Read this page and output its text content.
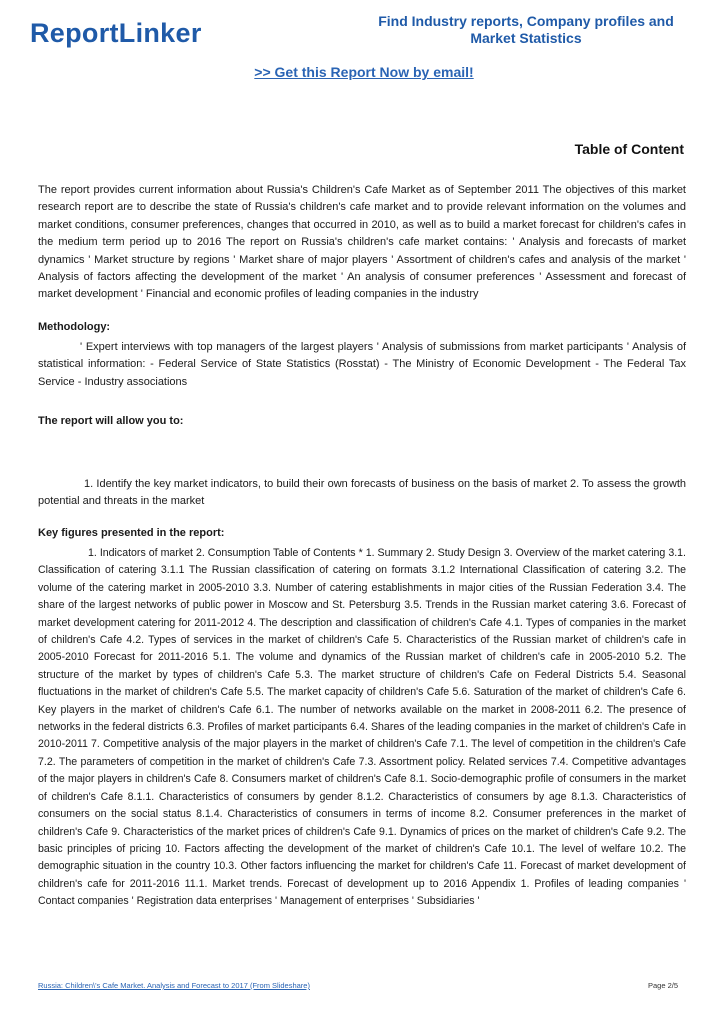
ReportLinker	Find Industry reports, Company profiles and Market Statistics
>> Get this Report Now by email!
Table of Content
The report provides current information about Russia's Children's Cafe Market as of September 2011 The objectives of this market research report are to describe the state of Russia's children's cafe market and to provide relevant information on the volumes and market conditions, consumer preferences, changes that occurred in 2010, as well as to build a market forecast for children's cafes in the medium term period up to 2016 The report on Russia's children's cafe market contains: ' Analysis and forecasts of market dynamics ' Market structure by regions ' Market share of major players ' Assortment of children's cafes and analysis of the market ' Analysis of factors affecting the development of the market ' An analysis of consumer preferences ' Assessment and forecast of market development ' Financial and economic profiles of leading companies in the industry
Methodology:
' Expert interviews with top managers of the largest players ' Analysis of submissions from market participants ' Analysis of statistical information: - Federal Service of State Statistics (Rosstat) - The Ministry of Economic Development - The Federal Tax Service - Industry associations
The report will allow you to:
1. Identify the key market indicators, to build their own forecasts of business on the basis of market 2. To assess the growth potential and threats in the market
Key figures presented in the report:
1. Indicators of market 2. Consumption Table of Contents * 1. Summary 2. Study Design 3. Overview of the market catering 3.1. Classification of catering 3.1.1 The Russian classification of catering on formats 3.1.2 International Classification of catering 3.2. The volume of the catering market in 2005-2010 3.3. Number of catering establishments in major cities of the Russian Federation 3.4. The share of the largest networks of public power in Moscow and St. Petersburg 3.5. Trends in the Russian market catering 3.6. Forecast of market development catering for 2011-2012 4. The description and classification of children's Cafe 4.1. Types of companies in the market of children's Cafe 4.2. Types of services in the market of children's Cafe 5. Characteristics of the Russian market of children's cafe in 2005-2010 Forecast for 2011-2016 5.1. The volume and dynamics of the Russian market of children's cafe in 2005-2010 5.2. The structure of the market by types of children's Cafe 5.3. The market structure of children's Cafe on Federal Districts 5.4. Seasonal fluctuations in the market of children's Cafe 5.5. The market capacity of children's Cafe 5.6. Saturation of the market of children's Cafe 6. Key players in the market of children's Cafe 6.1. The number of networks available on the market in 2008-2011 6.2. The presence of networks in the federal districts 6.3. Profiles of market participants 6.4. Shares of the leading companies in the market of children's Cafe in 2010-2011 7. Competitive analysis of the major players in the market of children's Cafe 7.1. The level of competition in the children's Cafe 7.2. The parameters of competition in the market of children's Cafe 7.3. Assortment policy. Related services 7.4. Competitive advantages of the major players in children's Cafe 8. Consumers market of children's Cafe 8.1. Socio-demographic profile of consumers in the market of children's Cafe 8.1.1. Characteristics of consumers by gender 8.1.2. Characteristics of consumers by age 8.1.3. Characteristics of consumers on the social status 8.1.4. Characteristics of consumers in terms of income 8.2. Consumer preferences in the market of children's Cafe 9. Characteristics of the market prices of children's Cafe 9.1. Dynamics of prices on the market of children's Cafe 9.2. The basic principles of pricing 10. Factors affecting the development of the market of children's Cafe 10.1. The level of welfare 10.2. The demographic situation in the country 10.3. Other factors influencing the market for children's Cafe 11. Forecast of market development of children's cafe for 2011-2016 11.1. Market trends. Forecast of development up to 2016 Appendix 1. Profiles of leading companies ' Contact companies ' Registration data enterprises ' Management of enterprises ' Subsidiaries '
Russia: Children\'s Cafe Market. Analysis and Forecast to 2017 (From Slideshare)	Page 2/5
